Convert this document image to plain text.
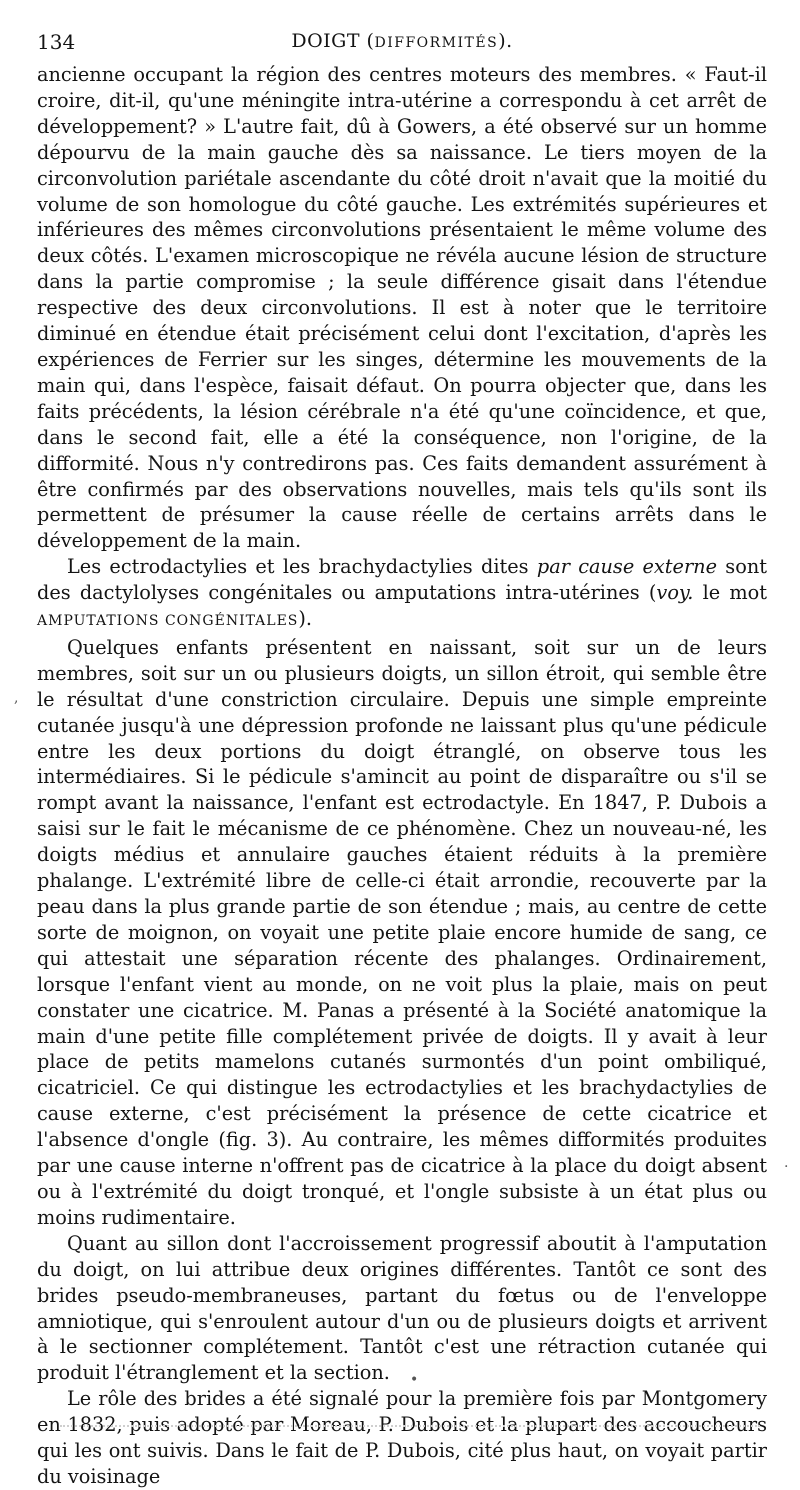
134	DOIGT (DIFFORMITÉS).

ancienne occupant la région des centres moteurs des membres. « Faut-il croire, dit-il, qu'une méningite intra-utérine a correspondu à cet arrêt de développement? » L'autre fait, dû à Gowers, a été observé sur un homme dépourvu de la main gauche dès sa naissance. Le tiers moyen de la circonvolution pariétale ascendante du côté droit n'avait que la moitié du volume de son homologue du côté gauche. Les extrémités supérieures et inférieures des mêmes circonvolutions présentaient le même volume des deux côtés. L'examen microscopique ne révéla aucune lésion de structure dans la partie compromise ; la seule différence gisait dans l'étendue respective des deux circonvolutions. Il est à noter que le territoire diminué en étendue était précisément celui dont l'excitation, d'après les expériences de Ferrier sur les singes, détermine les mouvements de la main qui, dans l'espèce, faisait défaut. On pourra objecter que, dans les faits précédents, la lésion cérébrale n'a été qu'une coïncidence, et que, dans le second fait, elle a été la conséquence, non l'origine, de la difformité. Nous n'y contredirons pas. Ces faits demandent assurément à être confirmés par des observations nouvelles, mais tels qu'ils sont ils permettent de présumer la cause réelle de certains arrêts dans le développement de la main.

Les ectrodactylies et les brachydactylies dites par cause externe sont des dactylolyses congénitales ou amputations intra-utérines (voy. le mot AMPUTATIONS CONGÉNITALES).

Quelques enfants présentent en naissant, soit sur un de leurs membres, soit sur un ou plusieurs doigts, un sillon étroit, qui semble être le résultat d'une constriction circulaire. Depuis une simple empreinte cutanée jusqu'à une dépression profonde ne laissant plus qu'une pédicule entre les deux portions du doigt étranglé, on observe tous les intermédiaires. Si le pédicule s'amincit au point de disparaître ou s'il se rompt avant la naissance, l'enfant est ectrodactyle. En 1847, P. Dubois a saisi sur le fait le mécanisme de ce phénomène. Chez un nouveau-né, les doigts médius et annulaire gauches étaient réduits à la première phalange. L'extrémité libre de celle-ci était arrondie, recouverte par la peau dans la plus grande partie de son étendue ; mais, au centre de cette sorte de moignon, on voyait une petite plaie encore humide de sang, ce qui attestait une séparation récente des phalanges. Ordinairement, lorsque l'enfant vient au monde, on ne voit plus la plaie, mais on peut constater une cicatrice. M. Panas a présenté à la Société anatomique la main d'une petite fille complétement privée de doigts. Il y avait à leur place de petits mamelons cutanés surmontés d'un point ombiliqué, cicatriciel. Ce qui distingue les ectrodactylies et les brachydactylies de cause externe, c'est précisément la présence de cette cicatrice et l'absence d'ongle (fig. 3). Au contraire, les mêmes difformités produites par une cause interne n'offrent pas de cicatrice à la place du doigt absent ou à l'extrémité du doigt tronqué, et l'ongle subsiste à un état plus ou moins rudimentaire.

Quant au sillon dont l'accroissement progressif aboutit à l'amputation du doigt, on lui attribue deux origines différentes. Tantôt ce sont des brides pseudo-membraneuses, partant du fœtus ou de l'enveloppe amniotique, qui s'enroulent autour d'un ou de plusieurs doigts et arrivent à le sectionner complétement. Tantôt c'est une rétraction cutanée qui produit l'étranglement et la section.

Le rôle des brides a été signalé pour la première fois par Montgomery en 1832, puis adopté par Moreau, P. Dubois et la plupart des accoucheurs qui les ont suivis. Dans le fait de P. Dubois, cité plus haut, on voyait partir du voisinage

,
.
•
